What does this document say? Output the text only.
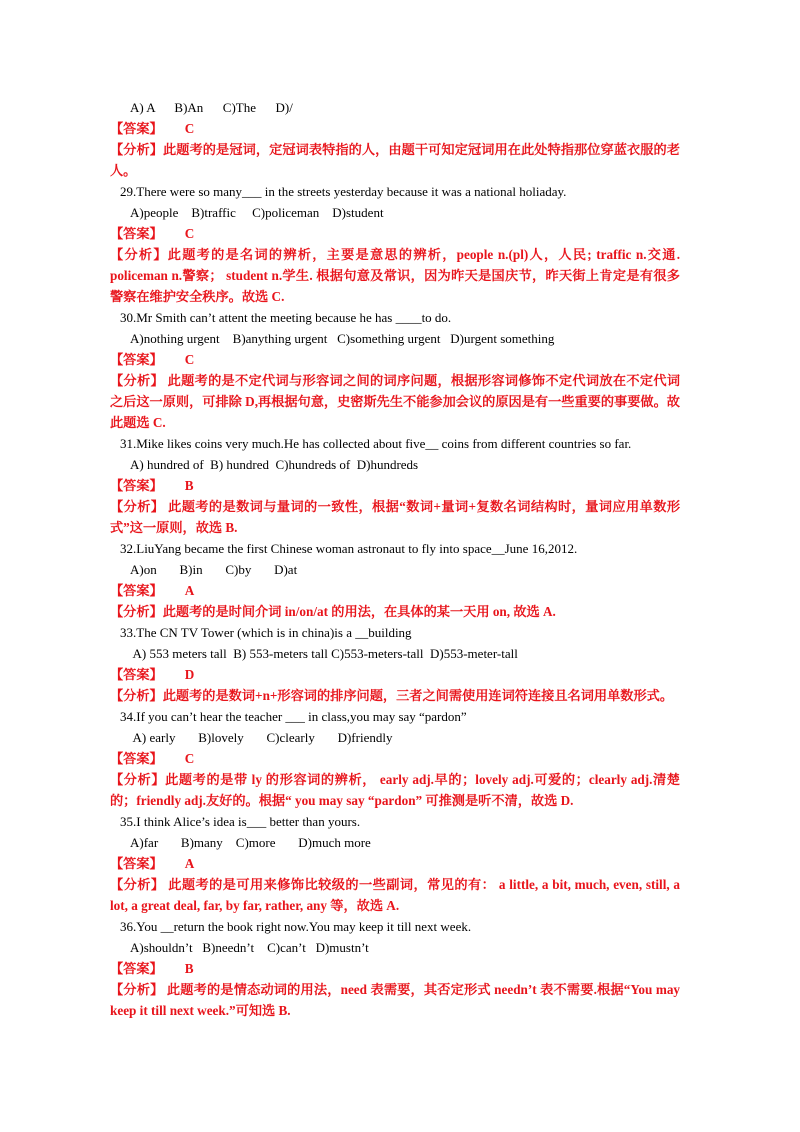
A) A      B)An      C)The      D)/
【答案】 C
【分析】此题考的是冠词，定冠词表特指的人，由题干可知定冠词用在此处特指那位穿蓝衣服的老人。
29.There were so many___ in the streets yesterday because it was a national holiaday.
A)people    B)traffic     C)policeman    D)student
【答案】 C
【分析】此题考的是名词的辨析，主要是意思的辨析，people n.(pl)人，人民; traffic n.交通. policeman n.警察； student n.学生. 根据句意及常识，因为昨天是国庆节，昨天街上肯定是有很多警察在维护安全秩序。故选 C.
30.Mr Smith can’t attent the meeting because he has ____to do.
A)nothing urgent    B)anything urgent   C)something urgent   D)urgent something
【答案】 C
【分析】 此题考的是不定代词与形容词之间的词序问题，根据形容词修饰不定代词放在不定代词之后这一原则，可排除 D,再根据句意，史密斯先生不能参加会议的原因是有一些重要的事要做。故此题选 C.
31.Mike likes coins very much.He has collected about five__ coins from different countries so far.
A) hundred of  B) hundred  C)hundreds of  D)hundreds
【答案】 B
【分析】 此题考的是数词与量词的一致性，根据“数词+量词+复数名词结构时，量词应用单数形式”这一原则，故选 B.
32.LiuYang became the first Chinese woman astronaut to fly into space__June 16,2012.
A)on       B)in       C)by       D)at
【答案】 A
【分析】此题考的是时间介词 in/on/at 的用法，在具体的某一天用 on, 故选 A.
33.The CN TV Tower (which is in china)is a __building
A) 553 meters tall  B) 553-meters tall C)553-meters-tall  D)553-meter-tall
【答案】 D
【分析】此题考的是数词+n+形容词的排序问题，三者之间需使用连词符连接且名词用单数形式。
34.If you can’t hear the teacher ___ in class,you may say “pardon”
A) early       B)lovely       C)clearly       D)friendly
【答案】 C
【分析】此题考的是带 ly 的形容词的辨析， early adj.早的；lovely adj.可爱的；clearly adj.清楚的；friendly adj.友好的。根据“ you may say “pardon” 可推测是听不清，故选 D.
35.I think Alice’s idea is___ better than yours.
A)far       B)many    C)more       D)much more
【答案】 A
【分析】 此题考的是可用来修饰比较级的一些副词，常见的有： a little, a bit, much, even, still, a lot, a great deal, far, by far, rather, any 等，故选 A.
36.You __return the book right now.You may keep it till next week.
A)shouldn’t   B)needn’t    C)can’t   D)mustn’t
【答案】 B
【分析】 此题考的是情态动词的用法，need 表需要，其否定形式 needn’t 表不需要.根据“You may keep it till next week.”可知选 B.
